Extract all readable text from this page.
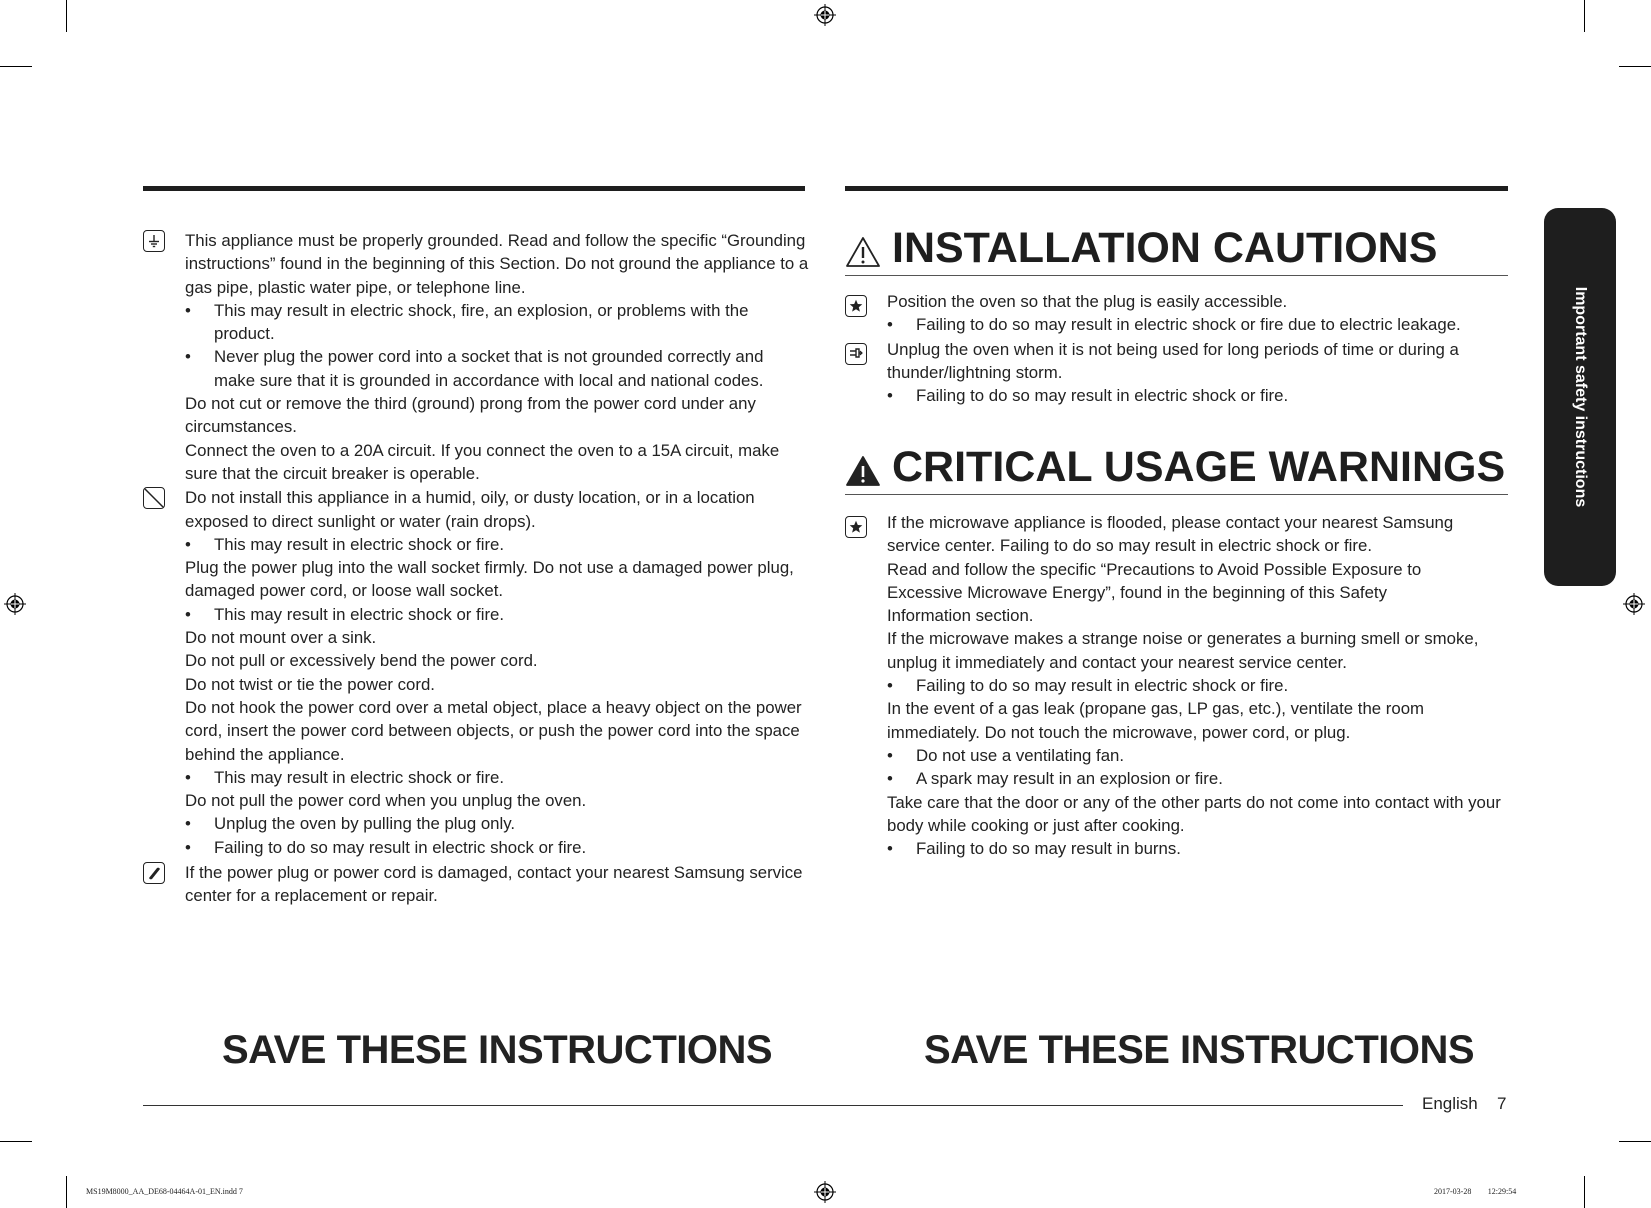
Important safety instructions

This appliance must be properly grounded. Read and follow the specific “Grounding instructions” found in the beginning of this Section. Do not ground the appliance to a gas pipe, plastic water pipe, or telephone line.

• This may result in electric shock, fire, an explosion, or problems with the product.

• Never plug the power cord into a socket that is not grounded correctly and make sure that it is grounded in accordance with local and national codes.

Do not cut or remove the third (ground) prong from the power cord under any circumstances.

Connect the oven to a 20A circuit. If you connect the oven to a 15A circuit, make sure that the circuit breaker is operable.

Do not install this appliance in a humid, oily, or dusty location, or in a location exposed to direct sunlight or water (rain drops).

• This may result in electric shock or fire.

Plug the power plug into the wall socket firmly. Do not use a damaged power plug, damaged power cord, or loose wall socket.

• This may result in electric shock or fire.

Do not mount over a sink.

Do not pull or excessively bend the power cord.

Do not twist or tie the power cord.

Do not hook the power cord over a metal object, place a heavy object on the power cord, insert the power cord between objects, or push the power cord into the space behind the appliance.

• This may result in electric shock or fire.

Do not pull the power cord when you unplug the oven.

• Unplug the oven by pulling the plug only.

• Failing to do so may result in electric shock or fire.

If the power plug or power cord is damaged, contact your nearest Samsung service center for a replacement or repair.

INSTALLATION CAUTIONS

Position the oven so that the plug is easily accessible.

• Failing to do so may result in electric shock or fire due to electric leakage.

Unplug the oven when it is not being used for long periods of time or during a thunder/lightning storm.

• Failing to do so may result in electric shock or fire.

CRITICAL USAGE WARNINGS

If the microwave appliance is flooded, please contact your nearest Samsung service center. Failing to do so may result in electric shock or fire.

Read and follow the specific “Precautions to Avoid Possible Exposure to Excessive Microwave Energy”, found in the beginning of this Safety Information section.

If the microwave makes a strange noise or generates a burning smell or smoke, unplug it immediately and contact your nearest service center.

• Failing to do so may result in electric shock or fire.

In the event of a gas leak (propane gas, LP gas, etc.), ventilate the room immediately. Do not touch the microwave, power cord, or plug.

• Do not use a ventilating fan.

• A spark may result in an explosion or fire.

Take care that the door or any of the other parts do not come into contact with your body while cooking or just after cooking.

• Failing to do so may result in burns.

SAVE THESE INSTRUCTIONS	SAVE THESE INSTRUCTIONS
English 7
MS19M8000_AA_DE68-04464A-01_EN.indd 7	2017-03-28 ￿￿ 12:29:54
